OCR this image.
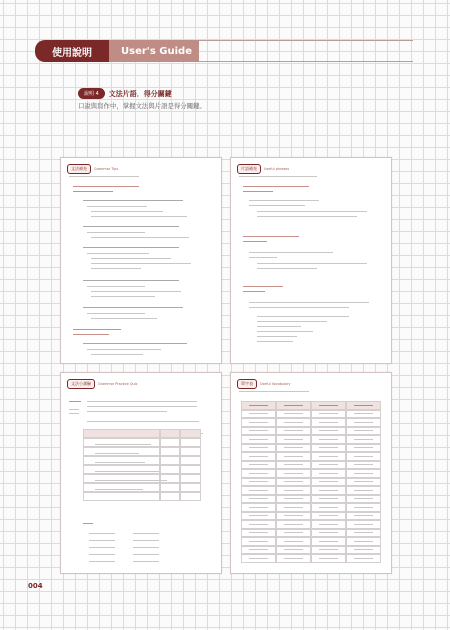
使用說明	User's Guide
說明 4	文法片語．得分關鍵
口說與寫作中，掌握文法與片語是得分關鍵。
文法補充	Grammar Tips	片語補充	Useful phrases
文法小測驗	Grammar Practice Quiz	單字表	Useful Vocabulary
004
